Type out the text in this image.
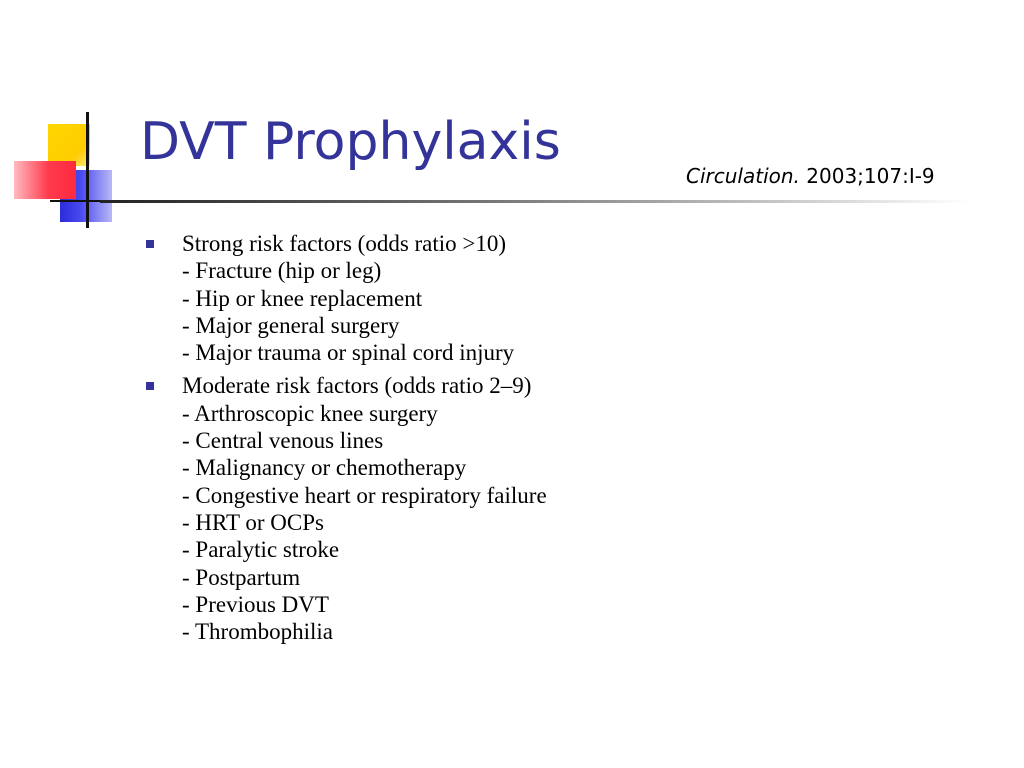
DVT Prophylaxis
Circulation. 2003;107:I-9
Strong risk factors (odds ratio >10)
- Fracture (hip or leg)
- Hip or knee replacement
- Major general surgery
- Major trauma or spinal cord injury
Moderate risk factors (odds ratio 2–9)
- Arthroscopic knee surgery
- Central venous lines
- Malignancy or chemotherapy
- Congestive heart or respiratory failure
- HRT or OCPs
- Paralytic stroke
- Postpartum
- Previous DVT
- Thrombophilia
